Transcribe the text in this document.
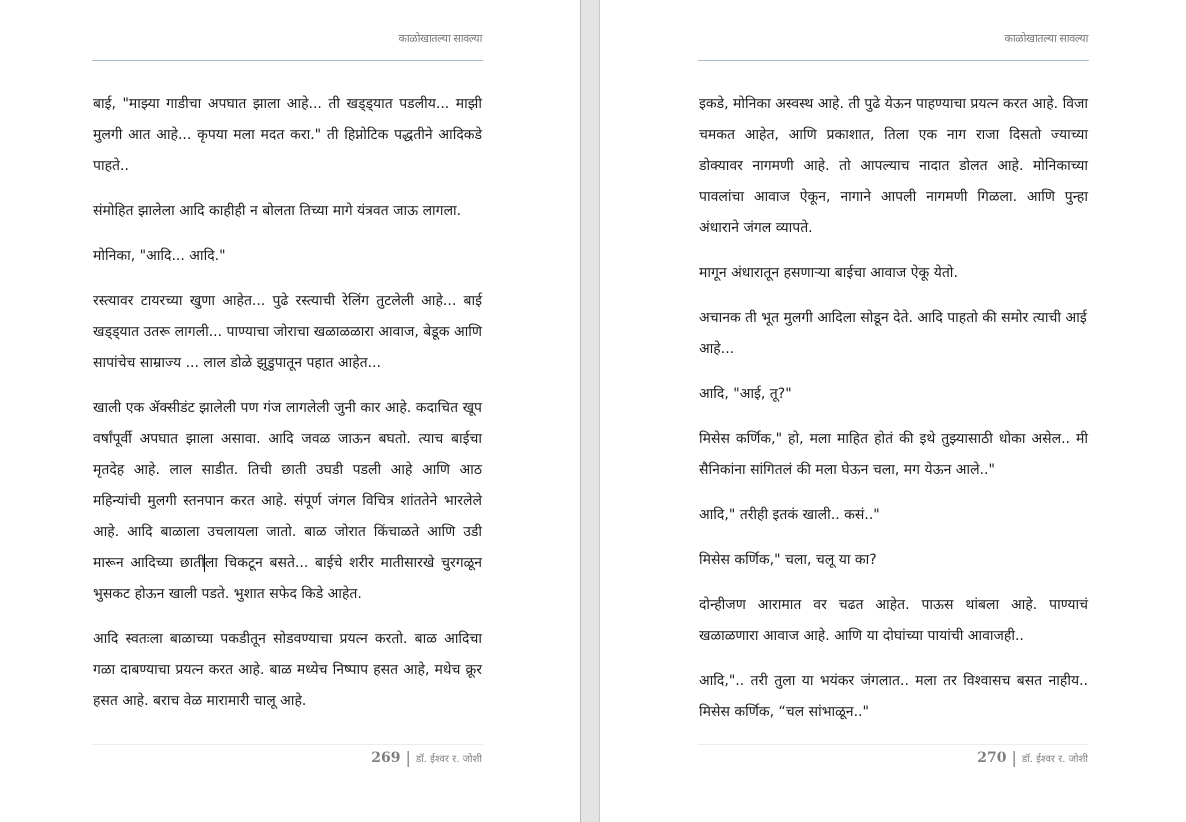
काळोखातल्या सावल्या

बाई, "माझ्या गाडीचा अपघात झाला आहे... ती खड्ड्यात पडलीय... माझी मुलगी आत आहे... कृपया मला मदत करा." ती हिप्नोटिक पद्धतीने आदिकडे पाहते..

संमोहित झालेला आदि काहीही न बोलता तिच्या मागे यंत्रवत जाऊ लागला.

मोनिका, "आदि... आदि."

रस्त्यावर टायरच्या खुणा आहेत... पुढे रस्त्याची रेलिंग तुटलेली आहे... बाई खड्ड्यात उतरू लागली... पाण्याचा जोराचा खळाळळारा आवाज, बेडूक आणि सापांचेच साम्राज्य ... लाल डोळे झुडुपातून पहात आहेत...

खाली एक ॲक्सीडंट झालेली पण गंज लागलेली जुनी कार आहे. कदाचित खूप वर्षांपूर्वी अपघात झाला असावा. आदि जवळ जाऊन बघतो. त्याच बाईचा मृतदेह आहे. लाल साडीत. तिची छाती उघडी पडली आहे आणि आठ महिन्यांची मुलगी स्तनपान करत आहे. संपूर्ण जंगल विचित्र शांततेने भारलेले आहे. आदि बाळाला उचलायला जातो. बाळ जोरात किंचाळते आणि उडी मारून आदिच्या छातीला चिकटून बसते... बाईचे शरीर मातीसारखे चुरगळून भुसकट होऊन खाली पडते. भुशात सफेद किडे आहेत.

आदि स्वतःला बाळाच्या पकडीतून सोडवण्याचा प्रयत्न करतो. बाळ आदिचा गळा दाबण्याचा प्रयत्न करत आहे. बाळ मध्येच निष्पाप हसत आहे, मधेच क्रूर हसत आहे. बराच वेळ मारामारी चालू आहे.

269 | डॉ. ईश्वर र. जोशी
काळोखातल्या सावल्या

इकडे, मोनिका अस्वस्थ आहे. ती पुढे येऊन पाहण्याचा प्रयत्न करत आहे. विजा चमकत आहेत, आणि प्रकाशात, तिला एक नाग राजा दिसतो ज्याच्या डोक्यावर नागमणी आहे. तो आपल्याच नादात डोलत आहे. मोनिकाच्या पावलांचा आवाज ऐकून, नागाने आपली नागमणी गिळला. आणि पुन्हा अंधाराने जंगल व्यापते.

मागून अंधारातून हसणाऱ्या बाईचा आवाज ऐकू येतो.

अचानक ती भूत मुलगी आदिला सोडून देते. आदि पाहतो की समोर त्याची आई आहे...

आदि, "आई, तू?"

मिसेस कर्णिक," हो, मला माहित होतं की इथे तुझ्यासाठी धोका असेल.. मी सैनिकांना सांगितलं की मला घेऊन चला, मग येऊन आले.."

आदि," तरीही इतकं खाली.. कसं.."

मिसेस कर्णिक," चला, चलू या का?

दोन्हीजण आरामात वर चढत आहेत. पाऊस थांबला आहे. पाण्याचं खळाळणारा आवाज आहे. आणि या दोघांच्या पायांची आवाजही..

आदि,".. तरी तुला या भयंकर जंगलात.. मला तर विश्वासच बसत नाहीय.. मिसेस कर्णिक, “चल सांभाळून.."

270 | डॉ. ईश्वर र. जोशी
